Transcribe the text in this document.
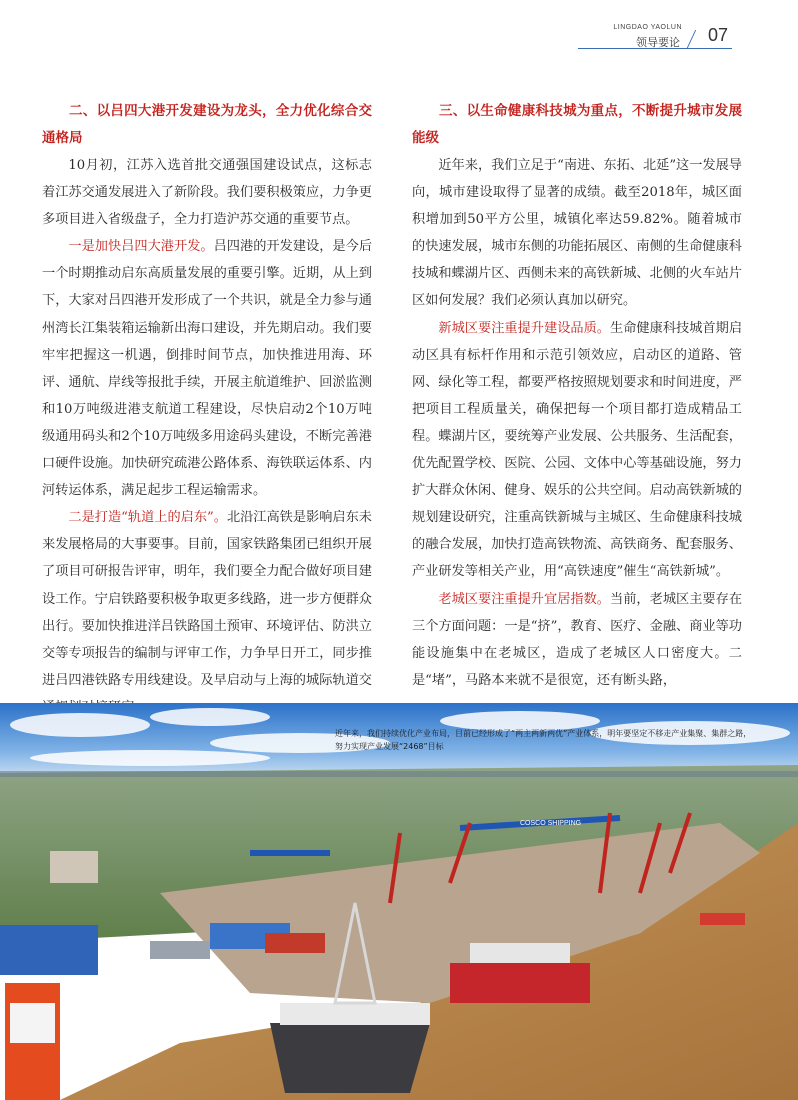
LINGDAO YAOLUN
领导要论 07
二、以吕四大港开发建设为龙头，全力优化综合交通格局

10月初，江苏入选首批交通强国建设试点，这标志着江苏交通发展进入了新阶段。我们要积极策应，力争更多项目进入省级盘子，全力打造沪苏交通的重要节点。

一是加快吕四大港开发。吕四港的开发建设，是今后一个时期推动启东高质量发展的重要引擎。近期，从上到下，大家对吕四港开发形成了一个共识，就是全力参与通州湾长江集装箱运输新出海口建设，并先期启动。我们要牢牢把握这一机遇，倒排时间节点，加快推进用海、环评、通航、岸线等报批手续，开展主航道维护、回淤监测和10万吨级进港支航道工程建设，尽快启动2个10万吨级通用码头和2个10万吨级多用途码头建设，不断完善港口硬件设施。加快研究疏港公路体系、海铁联运体系、内河转运体系，满足起步工程运输需求。

二是打造“轨道上的启东”。北沿江高铁是影响启东未来发展格局的大事要事。目前，国家铁路集团已组织开展了项目可研报告评审，明年，我们要全力配合做好项目建设工作。宁启铁路要积极争取更多线路，进一步方便群众出行。要加快推进洋吕铁路国土预审、环境评估、防洪立交等专项报告的编制与评审工作，力争早日开工，同步推进吕四港铁路专用线建设。及早启动与上海的城际轨道交

三、以生命健康科技城为重点，不断提升城市发展能级

近年来，我们立足于“南进、东拓、北延”这一发展导向，城市建设取得了显著的成绩。截至2018年，城区面积增加到50平方公里，城镇化率达59.82%。随着城市的快速发展，城市东侧的功能拓展区、南侧的生命健康科技城和蝶湖片区、西侧未来的高铁新城、北侧的火车站片区如何发展？我们必须认真加以研究。

新城区要注重提升建设品质。生命健康科技城首期启动区具有标杆作用和示范引领效应，启动区的道路、管网、绿化等工程，都要严格按照规划要求和时间进度，严把项目工程质量关，确保把每一个项目都打造成精品工程。蝶湖片区，要统筹产业发展、公共服务、生活配套，优先配置学校、医院、公园、文体中心等基础设施，努力扩大群众休闲、健身、娱乐的公共空间。启动高铁新城的规划建设研究，注重高铁新城与主城区、生命健康科技城的融合发展，加快打造高铁物流、高铁商务、配套服务、产业研发等相关产业，用“高铁速度”催生“高铁新城”。

老城区要注重提升宜居指数。当前，老城区主要存在三个方面问题：一是“挤”，教育、医疗、金融、商业等功能设施集中在老城区，造成了老城区人口密度大。二是“堵”，马路本来就不是很宽，还有断头路，

COSCO SHIPPING
近年来，我们持续优化产业布局，目前已经形成了“两主两新两优”产业体系，明年要坚定不移走产业集聚、集群之路，努力实现产业发展“2468”目标
